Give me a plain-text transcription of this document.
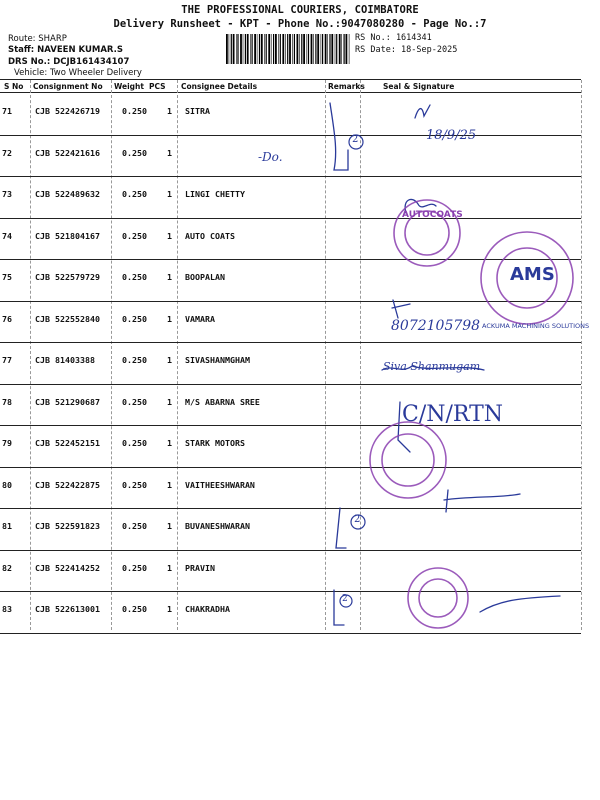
THE PROFESSIONAL COURIERS, COIMBATORE
Delivery Runsheet - KPT - Phone No.:9047080280 - Page No.:7
Route: SHARP
Staff: NAVEEN KUMAR.S
DRS No.: DCJB161434107
Vehicle: Two Wheeler Delivery
RS No.: 1614341
RS Date: 18-Sep-2025
S No Consignment No Weight PCS Consignee Details	Remarks Seal & Signature
71	CJB 522426719	0.250 1 SITRA
72	CJB 522421616	0.250 1
73	CJB 522489632	0.250 1 LINGI CHETTY
74	CJB 521804167	0.250 1 AUTO COATS
75	CJB 522579729	0.250 1 BOOPALAN
76	CJB 522552840	0.250 1 VAMARA
77	CJB 81403388	0.250 1 SIVASHANMGHAM
78	CJB 521290687	0.250 1 M/S ABARNA SREE
79	CJB 522452151	0.250 1 STARK MOTORS
80	CJB 522422875	0.250 1 VAITHEESHWARAN
81	CJB 522591823	0.250 1 BUVANESHWARAN
82	CJB 522414252	0.250 1 PRAVIN
83	CJB 522613001	0.250 1 CHAKRADHA
-Do.
18/9/25
8072105798
Siva Shanmugam
C/N/RTN
2
2
2
AUTOCOATS
AMS
ACKUMA MACHINING SOLUTIONS
